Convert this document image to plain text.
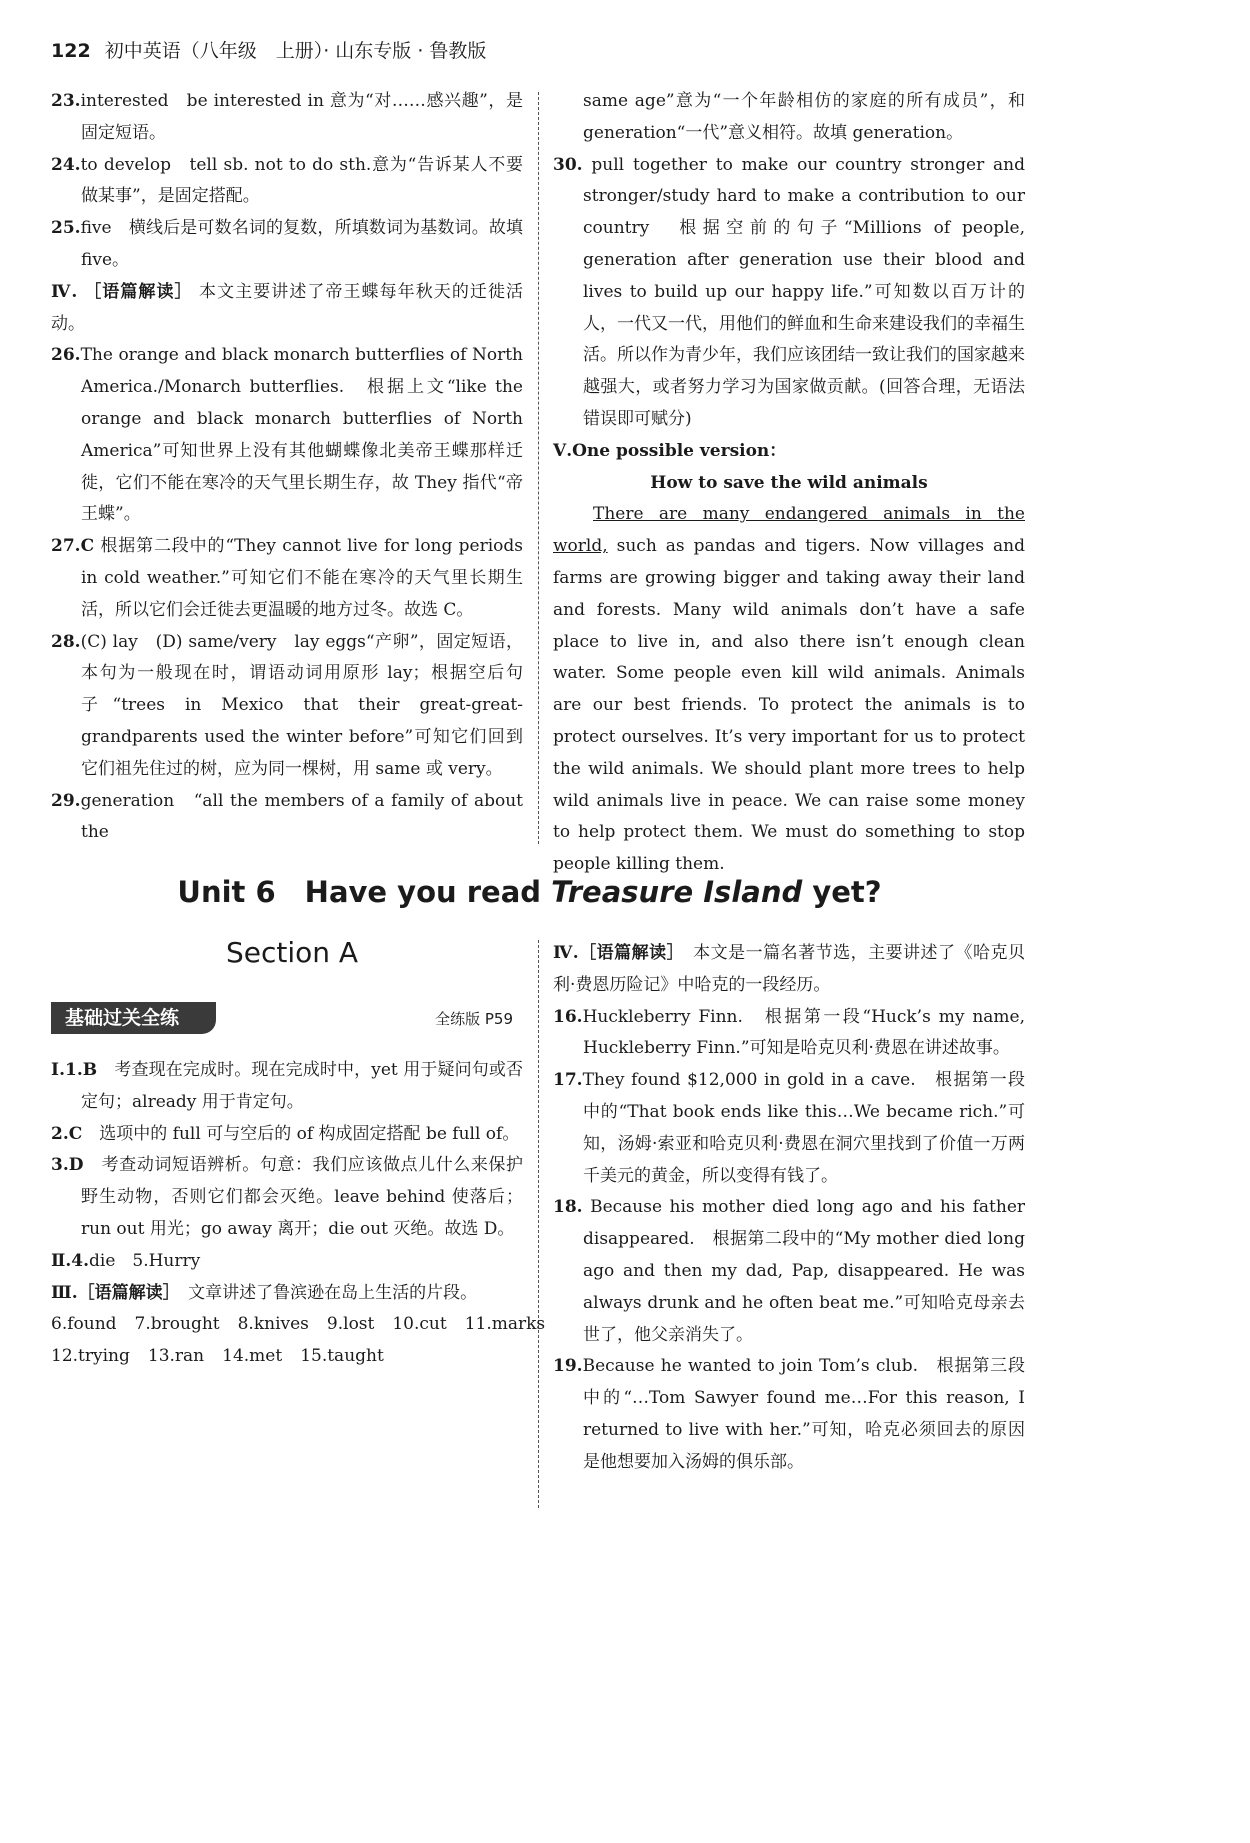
122 初中英语（八年级　上册）· 山东专版 · 鲁教版

23.interested　be interested in 意为“对……感兴趣”，是固定短语。

24.to develop　tell sb. not to do sth.意为“告诉某人不要做某事”，是固定搭配。

25.five　横线后是可数名词的复数，所填数词为基数词。故填 five。

Ⅳ. ［语篇解读］ 本文主要讲述了帝王蝶每年秋天的迁徙活动。

26.The orange and black monarch butterflies of North America./Monarch butterflies.　根据上文“like the orange and black monarch butterflies of North America”可知世界上没有其他蝴蝶像北美帝王蝶那样迁徙，它们不能在寒冷的天气里长期生存，故 They 指代“帝王蝶”。

27.C 根据第二段中的“They cannot live for long periods in cold weather.”可知它们不能在寒冷的天气里长期生活，所以它们会迁徙去更温暖的地方过冬。故选 C。

28.(C) lay　(D) same/very　lay eggs“产卵”，固定短语，本句为一般现在时，谓语动词用原形 lay；根据空后句子“trees in Mexico that their great-great-grandparents used the winter before”可知它们回到它们祖先住过的树，应为同一棵树，用 same 或 very。

29.generation　“all the members of a family of about the

same age”意为“一个年龄相仿的家庭的所有成员”，和 generation“一代”意义相符。故填 generation。

30. pull together to make our country stronger and stronger/study hard to make a contribution to our country　根据空前的句子“Millions of people, generation after generation use their blood and lives to build up our happy life.”可知数以百万计的人，一代又一代，用他们的鲜血和生命来建设我们的幸福生活。所以作为青少年，我们应该团结一致让我们的国家越来越强大，或者努力学习为国家做贡献。(回答合理，无语法错误即可赋分)

Ⅴ.One possible version：

How to save the wild animals

There are many endangered animals in the world, such as pandas and tigers. Now villages and farms are growing bigger and taking away their land and forests. Many wild animals don’t have a safe place to live in, and also there isn’t enough clean water. Some people even kill wild animals. Animals are our best friends. To protect the animals is to protect ourselves. It’s very important for us to protect the wild animals. We should plant more trees to help wild animals live in peace. We can raise some money to help protect them. We must do something to stop people killing them.

Unit 6　Have you read Treasure Island yet?
Section A
基础过关全练	全练版 P59

Ⅰ.1.B　 考查现在完成时。现在完成时中，yet 用于疑问句或否定句；already 用于肯定句。

2.C　 选项中的 full 可与空后的 of 构成固定搭配 be full of。

3.D　 考查动词短语辨析。句意：我们应该做点儿什么来保护野生动物，否则它们都会灭绝。leave behind 使落后；run out 用光；go away 离开；die out 灭绝。故选 D。

Ⅱ.4.die　5.Hurry

Ⅲ.［语篇解读］　 文章讲述了鲁滨逊在岛上生活的片段。

6.found 7.brought 8.knives 9.lost 10.cut 11.marks
12.trying 13.ran 14.met 15.taught

Ⅳ.［语篇解读］　 本文是一篇名著节选，主要讲述了《哈克贝利·费恩历险记》中哈克的一段经历。

16.Huckleberry Finn.　根据第一段“Huck’s my name, Huckleberry Finn.”可知是哈克贝利·费恩在讲述故事。

17.They found $12,000 in gold in a cave.　根据第一段中的“That book ends like this…We became rich.”可知，汤姆·索亚和哈克贝利·费恩在洞穴里找到了价值一万两千美元的黄金，所以变得有钱了。

18. Because his mother died long ago and his father disappeared.　根据第二段中的“My mother died long ago and then my dad, Pap, disappeared. He was always drunk and he often beat me.”可知哈克母亲去世了，他父亲消失了。

19.Because he wanted to join Tom’s club.　根据第三段中的“…Tom Sawyer found me…For this reason, I returned to live with her.”可知，哈克必须回去的原因是他想要加入汤姆的俱乐部。
